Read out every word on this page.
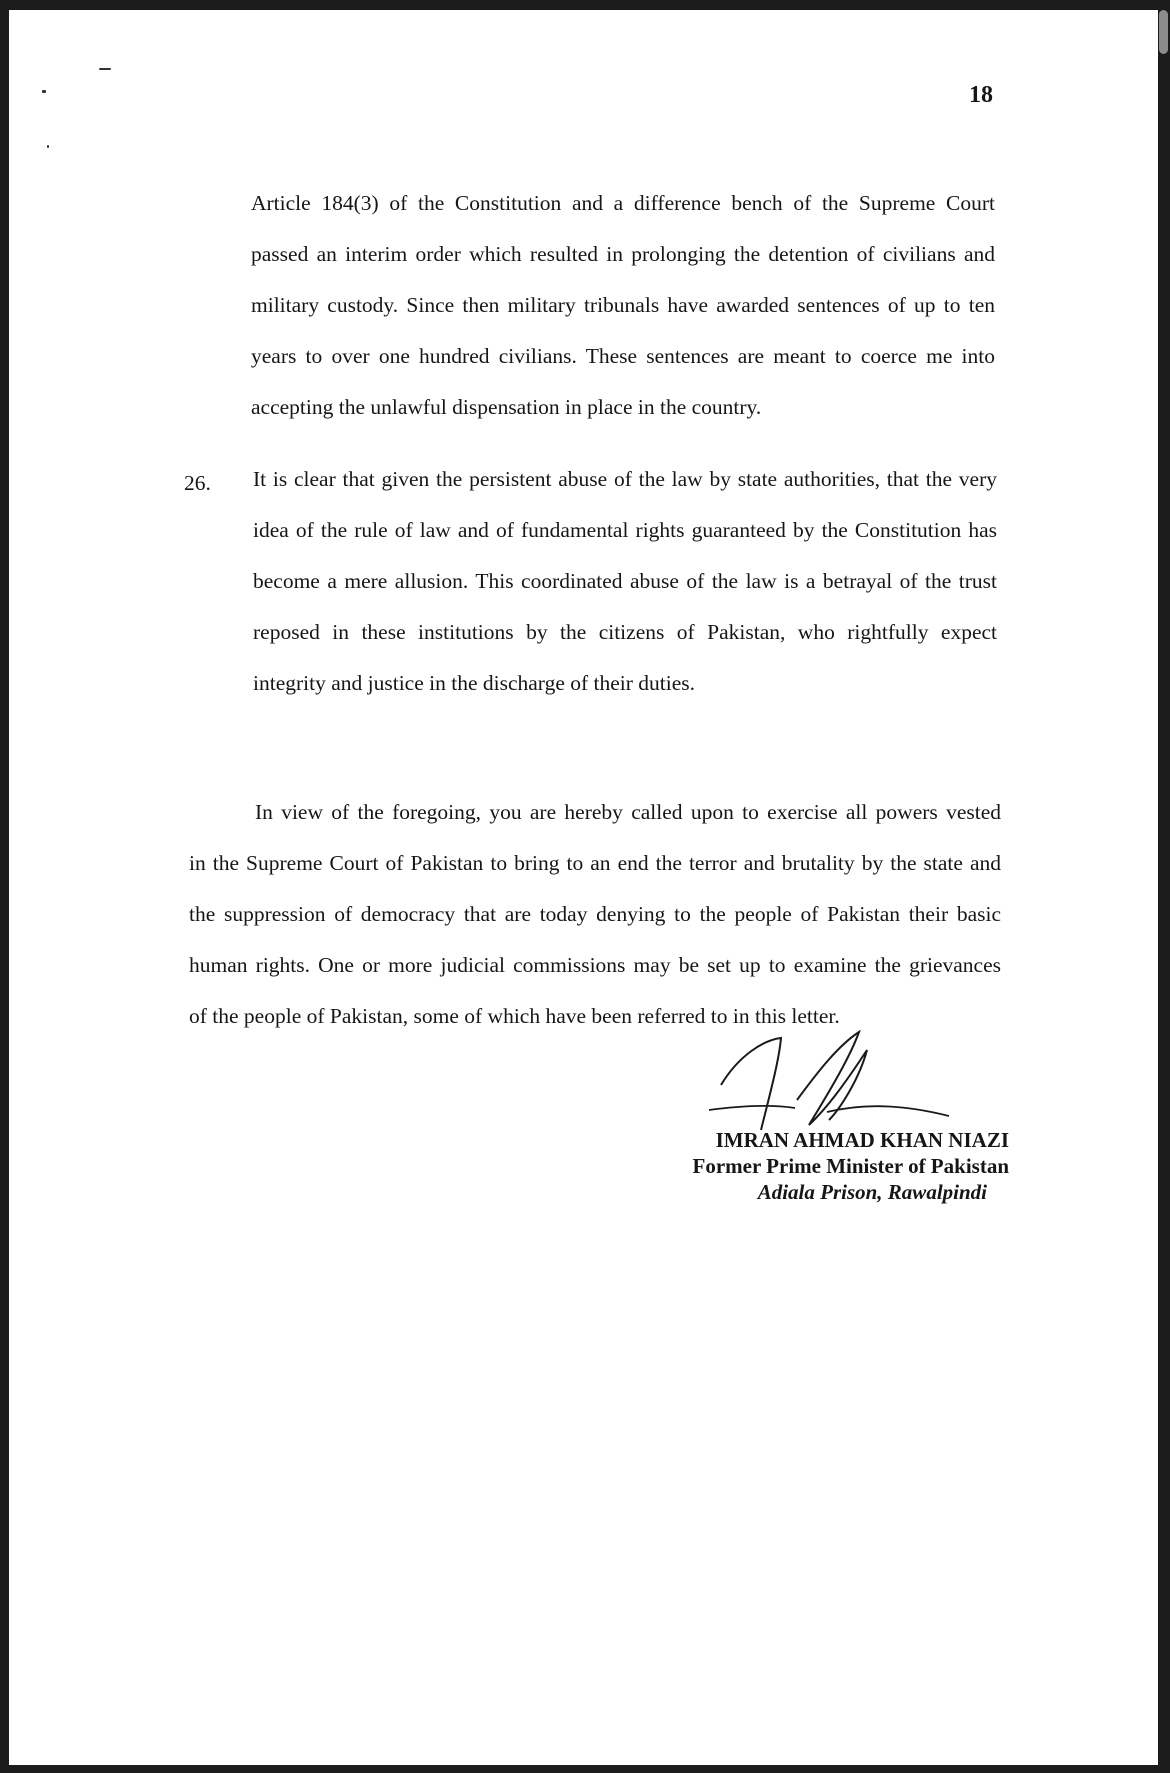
18
Article 184(3) of the Constitution and a difference bench of the Supreme Court
passed an interim order which resulted in prolonging the detention of civilians and
military custody. Since then military tribunals have awarded sentences of up to ten
years to over one hundred civilians. These sentences are meant to coerce me into
accepting the unlawful dispensation in place in the country.
26. It is clear that given the persistent abuse of the law by state authorities, that the very
idea of the rule of law and of fundamental rights guaranteed by the Constitution has
become a mere allusion. This coordinated abuse of the law is a betrayal of the trust
reposed in these institutions by the citizens of Pakistan, who rightfully expect
integrity and justice in the discharge of their duties.
In view of the foregoing, you are hereby called upon to exercise all powers vested
in the Supreme Court of Pakistan to bring to an end the terror and brutality by the state and
the suppression of democracy that are today denying to the people of Pakistan their basic
human rights. One or more judicial commissions may be set up to examine the grievances
of the people of Pakistan, some of which have been referred to in this letter.
IMRAN AHMAD KHAN NIAZI
Former Prime Minister of Pakistan
Adiala Prison, Rawalpindi
